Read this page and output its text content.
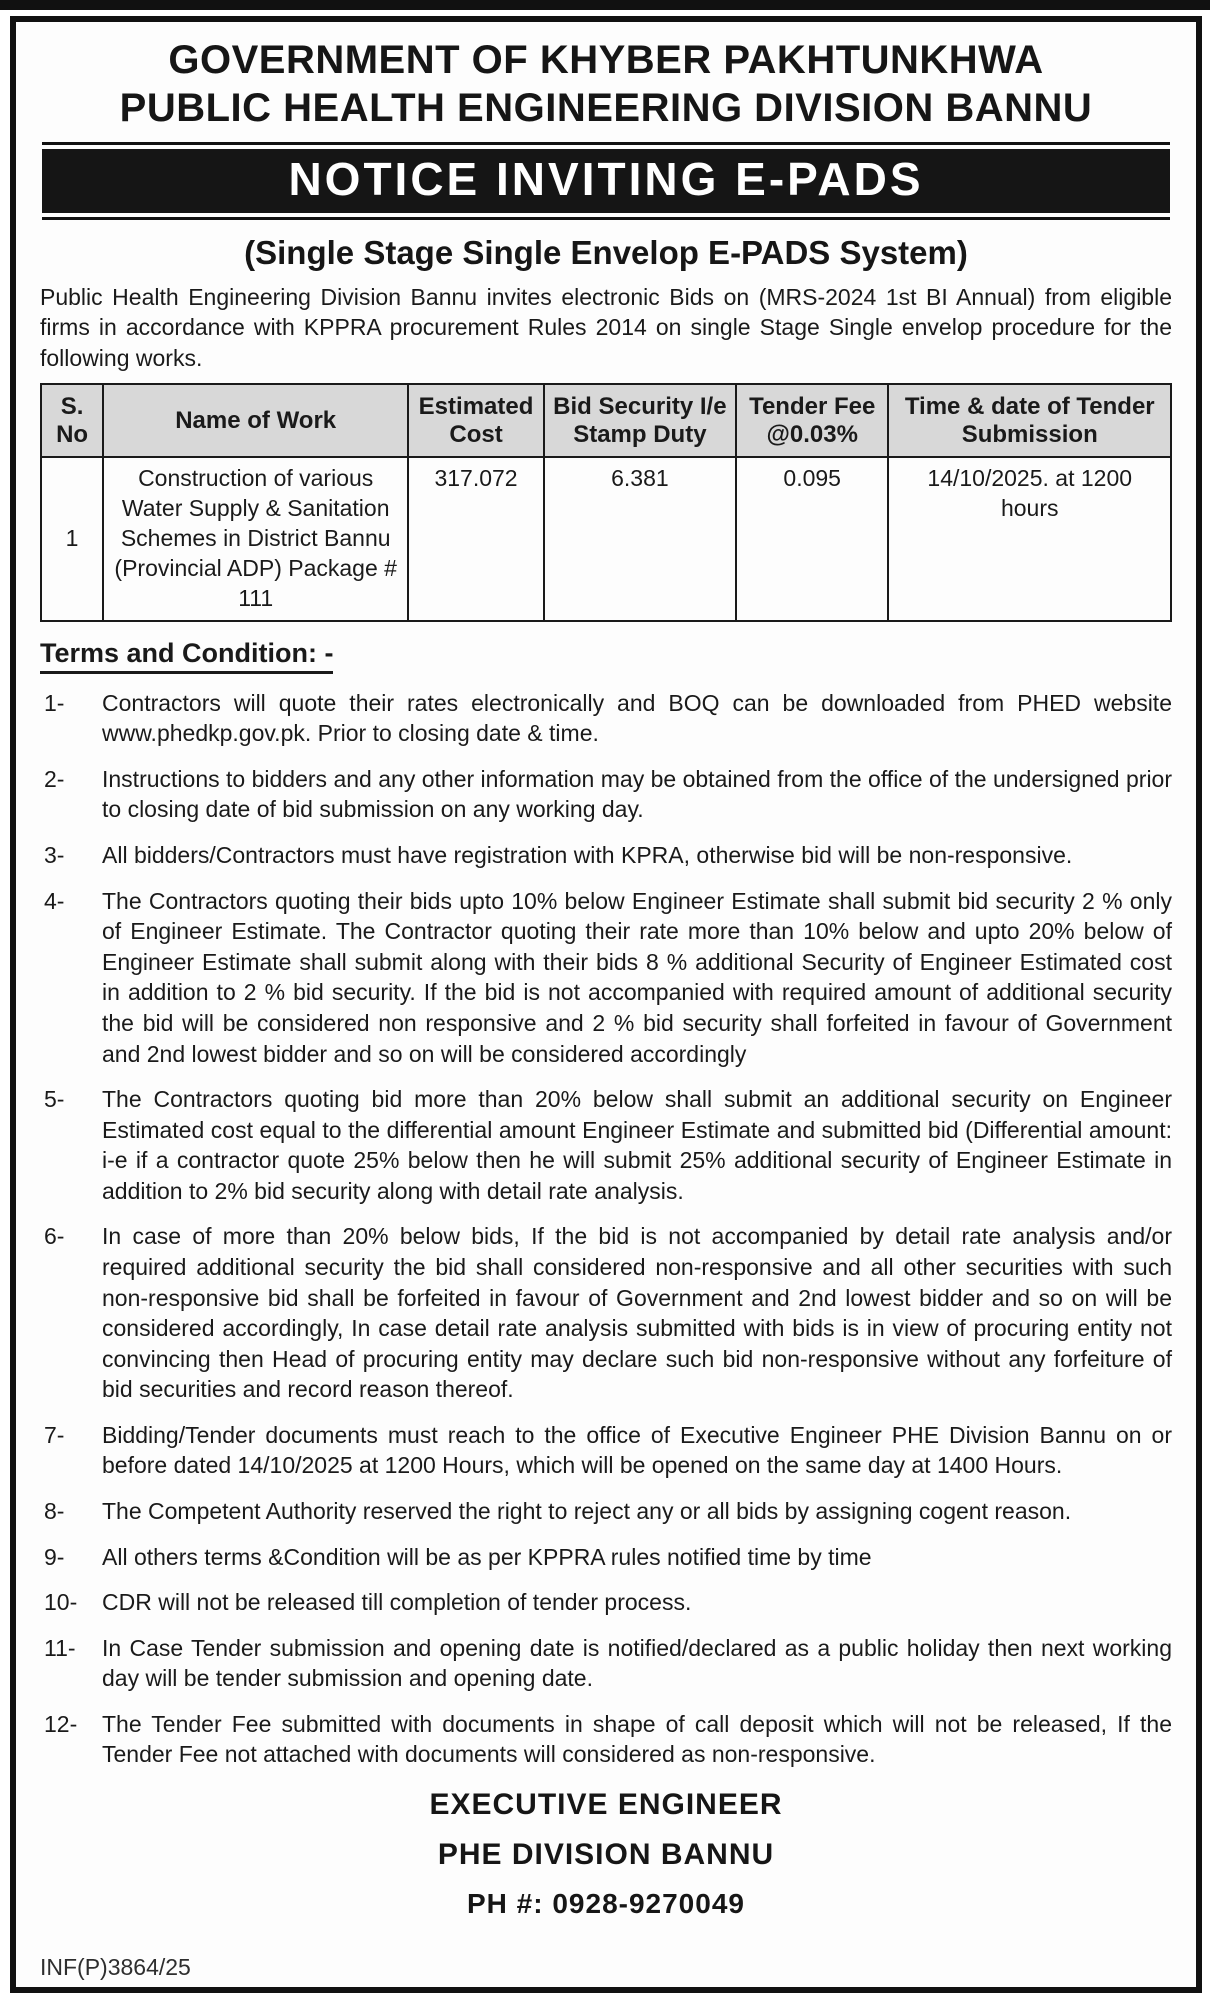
GOVERNMENT OF KHYBER PAKHTUNKHWA
PUBLIC HEALTH ENGINEERING DIVISION BANNU
NOTICE INVITING E-PADS
(Single Stage Single Envelop E-PADS System)

Public Health Engineering Division Bannu invites electronic Bids on (MRS-2024 1st BI Annual) from eligible firms in accordance with KPPRA procurement Rules 2014 on single Stage Single envelop procedure for the following works.

S. No	Name of Work	Estimated Cost	Bid Security I/e Stamp Duty	Tender Fee @0.03%	Time & date of Tender Submission
1	Construction of various Water Supply & Sanitation Schemes in District Bannu (Provincial ADP) Package # 111	317.072	6.381	0.095	14/10/2025. at 1200 hours
Terms and Condition: -
1-	Contractors will quote their rates electronically and BOQ can be downloaded from PHED website www.phedkp.gov.pk. Prior to closing date & time.
2-	Instructions to bidders and any other information may be obtained from the office of the undersigned prior to closing date of bid submission on any working day.
3-	All bidders/Contractors must have registration with KPRA, otherwise bid will be non-responsive.
4-	The Contractors quoting their bids upto 10% below Engineer Estimate shall submit bid security 2 % only of Engineer Estimate. The Contractor quoting their rate more than 10% below and upto 20% below of Engineer Estimate shall submit along with their bids 8 % additional Security of Engineer Estimated cost in addition to 2 % bid security. If the bid is not accompanied with required amount of additional security the bid will be considered non responsive and 2 % bid security shall forfeited in favour of Government and 2nd lowest bidder and so on will be considered accordingly
5-	The Contractors quoting bid more than 20% below shall submit an additional security on Engineer Estimated cost equal to the differential amount Engineer Estimate and submitted bid (Differential amount: i-e if a contractor quote 25% below then he will submit 25% additional security of Engineer Estimate in addition to 2% bid security along with detail rate analysis.
6-	In case of more than 20% below bids, If the bid is not accompanied by detail rate analysis and/or required additional security the bid shall considered non-responsive and all other securities with such non-responsive bid shall be forfeited in favour of Government and 2nd lowest bidder and so on will be considered accordingly, In case detail rate analysis submitted with bids is in view of procuring entity not convincing then Head of procuring entity may declare such bid non-responsive without any forfeiture of bid securities and record reason thereof.
7-	Bidding/Tender documents must reach to the office of Executive Engineer PHE Division Bannu on or before dated 14/10/2025 at 1200 Hours, which will be opened on the same day at 1400 Hours.
8-	The Competent Authority reserved the right to reject any or all bids by assigning cogent reason.
9-	All others terms &Condition will be as per KPPRA rules notified time by time
10-	CDR will not be released till completion of tender process.
11-	In Case Tender submission and opening date is notified/declared as a public holiday then next working day will be tender submission and opening date.
12-	The Tender Fee submitted with documents in shape of call deposit which will not be released, If the Tender Fee not attached with documents will considered as non-responsive.
EXECUTIVE ENGINEER
PHE DIVISION BANNU
PH #: 0928-9270049
INF(P)3864/25
